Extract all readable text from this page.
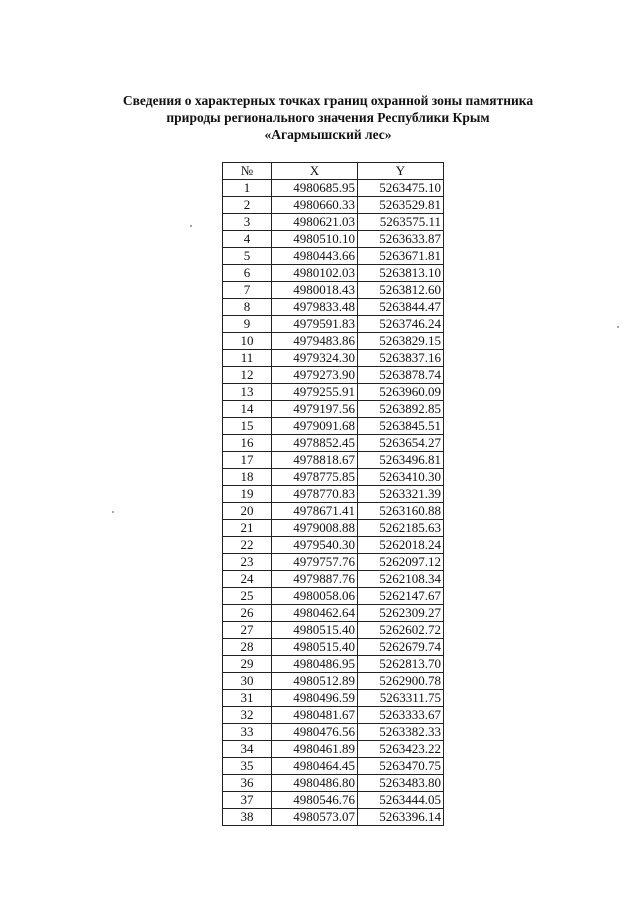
Сведения о характерных точках границ охранной зоны памятника
природы регионального значения Республики Крым
«Агармышский лес»
№	X	Y
1	4980685.95	5263475.10
2	4980660.33	5263529.81
3	4980621.03	5263575.11
4	4980510.10	5263633.87
5	4980443.66	5263671.81
6	4980102.03	5263813.10
7	4980018.43	5263812.60
8	4979833.48	5263844.47
9	4979591.83	5263746.24
10	4979483.86	5263829.15
11	4979324.30	5263837.16
12	4979273.90	5263878.74
13	4979255.91	5263960.09
14	4979197.56	5263892.85
15	4979091.68	5263845.51
16	4978852.45	5263654.27
17	4978818.67	5263496.81
18	4978775.85	5263410.30
19	4978770.83	5263321.39
20	4978671.41	5263160.88
21	4979008.88	5262185.63
22	4979540.30	5262018.24
23	4979757.76	5262097.12
24	4979887.76	5262108.34
25	4980058.06	5262147.67
26	4980462.64	5262309.27
27	4980515.40	5262602.72
28	4980515.40	5262679.74
29	4980486.95	5262813.70
30	4980512.89	5262900.78
31	4980496.59	5263311.75
32	4980481.67	5263333.67
33	4980476.56	5263382.33
34	4980461.89	5263423.22
35	4980464.45	5263470.75
36	4980486.80	5263483.80
37	4980546.76	5263444.05
38	4980573.07	5263396.14
